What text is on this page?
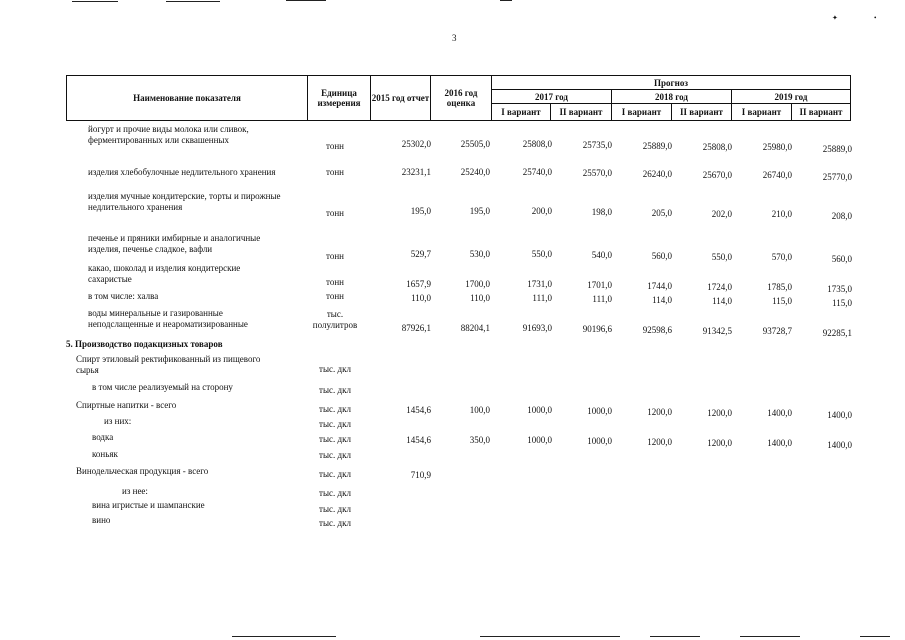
✦	•
3
Наименование показателя	Единица измерения	2015 год отчет	2016 год оценка	Прогноз					
				2017 год		2018 год		2019 год	
				I вариант	II вариант	I вариант	II вариант	I вариант	II вариант
йогурт и прочие виды молока или сливок,
ферментированных или сквашенных
тонн	25302,0	25505,0	25808,0	25735,0	25889,0	25808,0	25980,0	25889,0
изделия хлебобулочные недлительного хранения	тонн	23231,1	25240,0	25740,0	25570,0	26240,0	25670,0	26740,0	25770,0
изделия мучные кондитерские, торты и пирожные
недлительного хранения
тонн	195,0	195,0	200,0	198,0	205,0	202,0	210,0	208,0
печенье и пряники имбирные и аналогичные
изделия, печенье сладкое, вафли
тонн	529,7	530,0	550,0	540,0	560,0	550,0	570,0	560,0
какао, шоколад и изделия кондитерские
сахаристые	тонн	1657,9	1700,0	1731,0	1701,0	1744,0	1724,0	1785,0	1735,0
в том числе: халва	тонн	110,0	110,0	111,0	111,0	114,0	114,0	115,0	115,0
воды минеральные и газированные
неподслащенные и неароматизированные
тыс.
полулитров	87926,1	88204,1	91693,0	90196,6	92598,6	91342,5	93728,7	92285,1
5. Производство подакцизных товаров
Спирт этиловый ректификованный из пищевого
сырья	тыс. дкл
в том числе реализуемый на сторону	тыс. дкл
Спиртные напитки - всего	тыс. дкл	1454,6	100,0	1000,0	1000,0	1200,0	1200,0	1400,0	1400,0
из них:	тыс. дкл
водка	тыс. дкл	1454,6	350,0	1000,0	1000,0	1200,0	1200,0	1400,0	1400,0
коньяк	тыс. дкл
Винодельческая продукция - всего	тыс. дкл	710,9
из нее:	тыс. дкл
вина игристые и шампанские	тыс. дкл
вино	тыс. дкл
